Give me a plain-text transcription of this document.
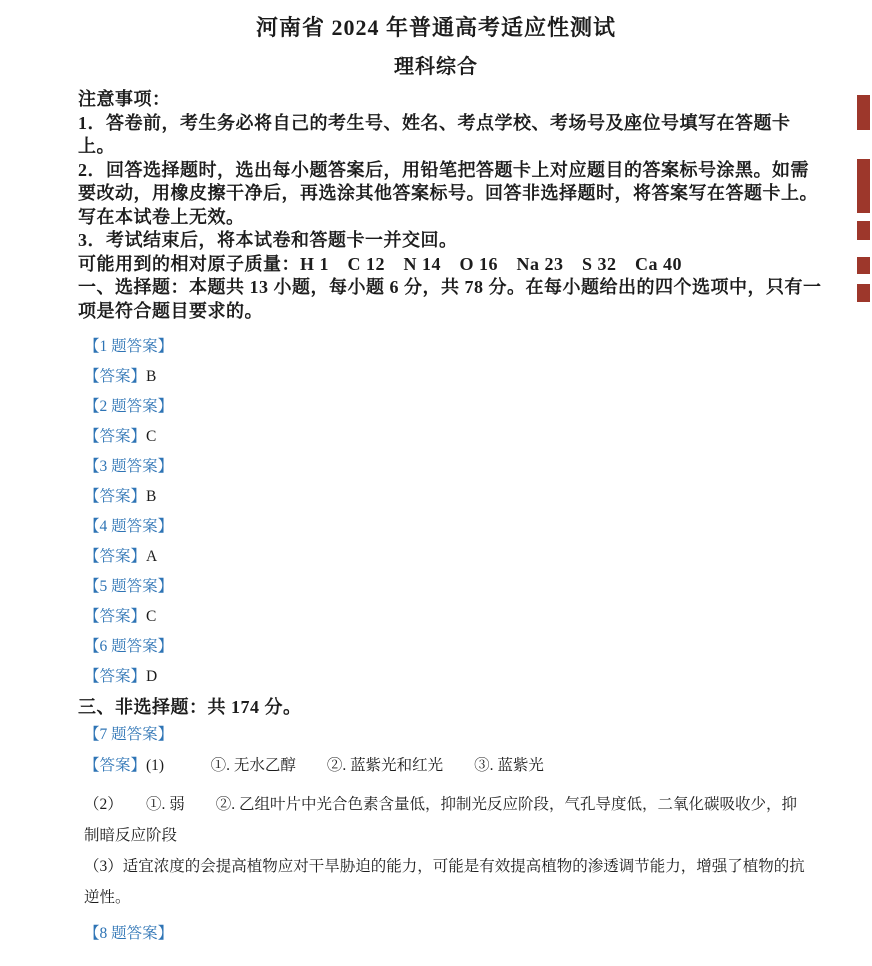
河南省 2024 年普通高考适应性测试
理科综合
注意事项：
1．答卷前，考生务必将自己的考生号、姓名、考点学校、考场号及座位号填写在答题卡
上。
2．回答选择题时，选出每小题答案后，用铅笔把答题卡上对应题目的答案标号涂黑。如需
要改动，用橡皮擦干净后，再选涂其他答案标号。回答非选择题时，将答案写在答题卡上。
写在本试卷上无效。
3．考试结束后，将本试卷和答题卡一并交回。
可能用到的相对原子质量：H 1　C 12　N 14　O 16　Na 23　S 32　Ca 40
一、选择题：本题共 13 小题，每小题 6 分，共 78 分。在每小题给出的四个选项中，只有一
项是符合题目要求的。
【1 题答案】
【答案】B
【2 题答案】
【答案】C
【3 题答案】
【答案】B
【4 题答案】
【答案】A
【5 题答案】
【答案】C
【6 题答案】
【答案】D
三、非选择题：共 174 分。
【7 题答案】
【答案】(1)　　　①. 无水乙醇　　②. 蓝紫光和红光　　③. 蓝紫光
（2）　　①. 弱　　②. 乙组叶片中光合色素含量低，抑制光反应阶段，气孔导度低，二氧化碳吸收少，抑
制暗反应阶段
（3）适宜浓度的会提高植物应对干旱胁迫的能力，可能是有效提高植物的渗透调节能力，增强了植物的抗
逆性。
【8 题答案】
